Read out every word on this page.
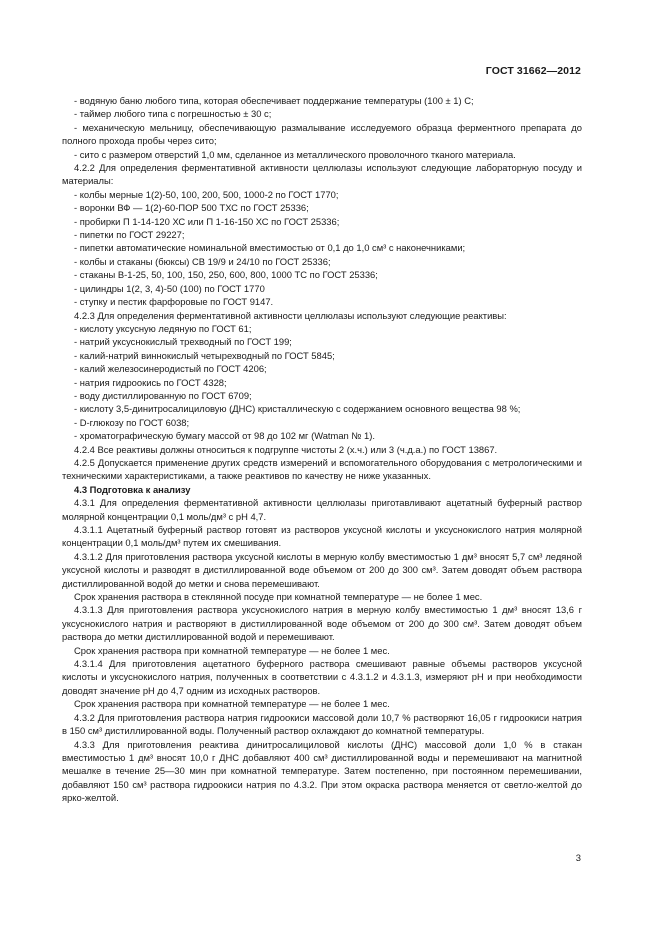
ГОСТ 31662—2012

- водяную баню любого типа, которая обеспечивает поддержание температуры (100 ± 1) С;

- таймер любого типа с погрешностью ± 30 с;

- механическую мельницу, обеспечивающую размалывание исследуемого образца ферментного препарата до полного прохода пробы через сито;

- сито с размером отверстий 1,0 мм, сделанное из металлического проволочного тканого материала.

4.2.2 Для определения ферментативной активности целлюлазы используют следующие лабораторную посуду и материалы:

- колбы мерные 1(2)-50, 100, 200, 500, 1000-2 по ГОСТ 1770;

- воронки ВФ — 1(2)-60-ПОР 500 ТХС по ГОСТ 25336;

- пробирки П 1-14-120 ХС или П 1-16-150 ХС по ГОСТ 25336;

- пипетки по ГОСТ 29227;

- пипетки автоматические номинальной вместимостью от 0,1 до 1,0 см³ с наконечниками;

- колбы и стаканы (бюксы) СВ 19/9 и 24/10 по ГОСТ 25336;

- стаканы В-1-25, 50, 100, 150, 250, 600, 800, 1000 ТС по ГОСТ 25336;

- цилиндры 1(2, 3, 4)-50 (100) по ГОСТ 1770

- ступку и пестик фарфоровые по ГОСТ 9147.

4.2.3 Для определения ферментативной активности целлюлазы используют следующие реактивы:

- кислоту уксусную ледяную по ГОСТ 61;

- натрий уксуснокислый трехводный по ГОСТ 199;

- калий-натрий виннокислый четырехводный по ГОСТ 5845;

- калий железосинеродистый по ГОСТ 4206;

- натрия гидроокись по ГОСТ 4328;

- воду дистиллированную по ГОСТ 6709;

- кислоту 3,5-динитросалициловую (ДНС) кристаллическую с содержанием основного вещества 98 %;

- D-глюкозу по ГОСТ 6038;

- хроматографическую бумагу массой от 98 до 102 мг (Watman № 1).

4.2.4 Все реактивы должны относиться к подгруппе чистоты 2 (х.ч.) или 3 (ч.д.а.) по ГОСТ 13867.

4.2.5 Допускается применение других средств измерений и вспомогательного оборудования с метрологическими и техническими характеристиками, а также реактивов по качеству не ниже указанных.

4.3 Подготовка к анализу

4.3.1 Для определения ферментативной активности целлюлазы приготавливают ацетатный буферный раствор молярной концентрации 0,1 моль/дм³ с рН 4,7.

4.3.1.1 Ацетатный буферный раствор готовят из растворов уксусной кислоты и уксуснокислого натрия молярной концентрации 0,1 моль/дм³ путем их смешивания.

4.3.1.2 Для приготовления раствора уксусной кислоты в мерную колбу вместимостью 1 дм³ вносят 5,7 см³ ледяной уксусной кислоты и разводят в дистиллированной воде объемом от 200 до 300 см³. Затем доводят объем раствора дистиллированной водой до метки и снова перемешивают.

Срок хранения раствора в стеклянной посуде при комнатной температуре — не более 1 мес.

4.3.1.3 Для приготовления раствора уксуснокислого натрия в мерную колбу вместимостью 1 дм³ вносят 13,6 г уксуснокислого натрия и растворяют в дистиллированной воде объемом от 200 до 300 см³. Затем доводят объем раствора до метки дистиллированной водой и перемешивают.

Срок хранения раствора при комнатной температуре — не более 1 мес.

4.3.1.4 Для приготовления ацетатного буферного раствора смешивают равные объемы растворов уксусной кислоты и уксуснокислого натрия, полученных в соответствии с 4.3.1.2 и 4.3.1.3, измеряют рН и при необходимости доводят значение рН до 4,7 одним из исходных растворов.

Срок хранения раствора при комнатной температуре — не более 1 мес.

4.3.2 Для приготовления раствора натрия гидроокиси массовой доли 10,7 % растворяют 16,05 г гидроокиси натрия в 150 см³ дистиллированной воды. Полученный раствор охлаждают до комнатной температуры.

4.3.3 Для приготовления реактива динитросалициловой кислоты (ДНС) массовой доли 1,0 % в стакан вместимостью 1 дм³ вносят 10,0 г ДНС добавляют 400 см³ дистиллированной воды и перемешивают на магнитной мешалке в течение 25—30 мин при комнатной температуре. Затем постепенно, при постоянном перемешивании, добавляют 150 см³ раствора гидроокиси натрия по 4.3.2. При этом окраска раствора меняется от светло-желтой до ярко-желтой.

3
